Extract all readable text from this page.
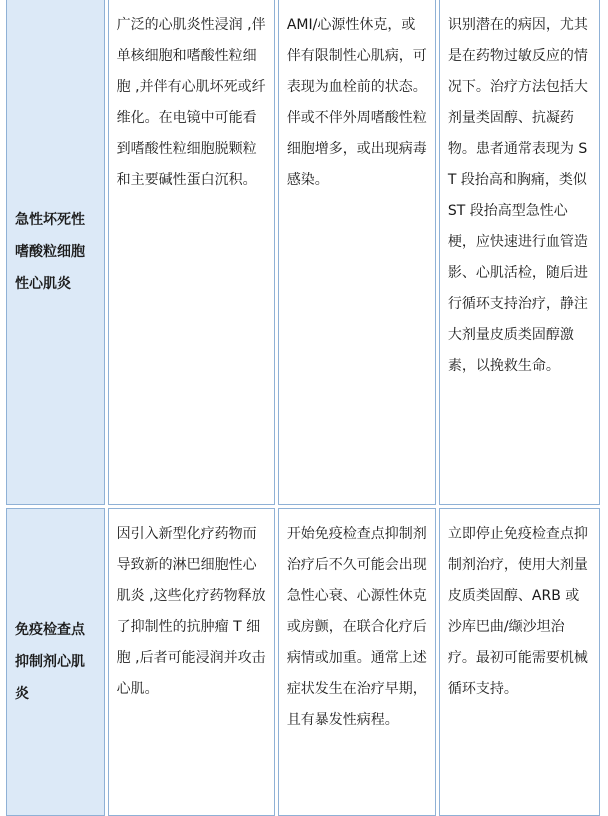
急性坏死性嗜酸粒细胞性心肌炎	广泛的心肌炎性浸润 ,伴单核细胞和嗜酸性粒细胞 ,并伴有心肌坏死或纤维化。在电镜中可能看到嗜酸性粒细胞脱颗粒和主要碱性蛋白沉积。	AMI/心源性休克，或伴有限制性心肌病，可表现为血栓前的状态。伴或不伴外周嗜酸性粒细胞增多，或出现病毒感染。	识别潜在的病因，尤其是在药物过敏反应的情况下。治疗方法包括大剂量类固醇、抗凝药物。患者通常表现为 ST 段抬高和胸痛，类似 ST 段抬高型急性心梗，应快速进行血管造影、心肌活检，随后进行循环支持治疗，静注大剂量皮质类固醇激素，以挽救生命。

免疫检查点抑制剂心肌炎	因引入新型化疗药物而导致新的淋巴细胞性心肌炎 ,这些化疗药物释放了抑制性的抗肿瘤 T 细胞 ,后者可能浸润并攻击心肌。	开始免疫检查点抑制剂治疗后不久可能会出现急性心衰、心源性休克或房颤，在联合化疗后病情或加重。通常上述症状发生在治疗早期，且有暴发性病程。	立即停止免疫检查点抑制剂治疗，使用大剂量皮质类固醇、ARB 或沙库巴曲/缬沙坦治疗。最初可能需要机械循环支持。
